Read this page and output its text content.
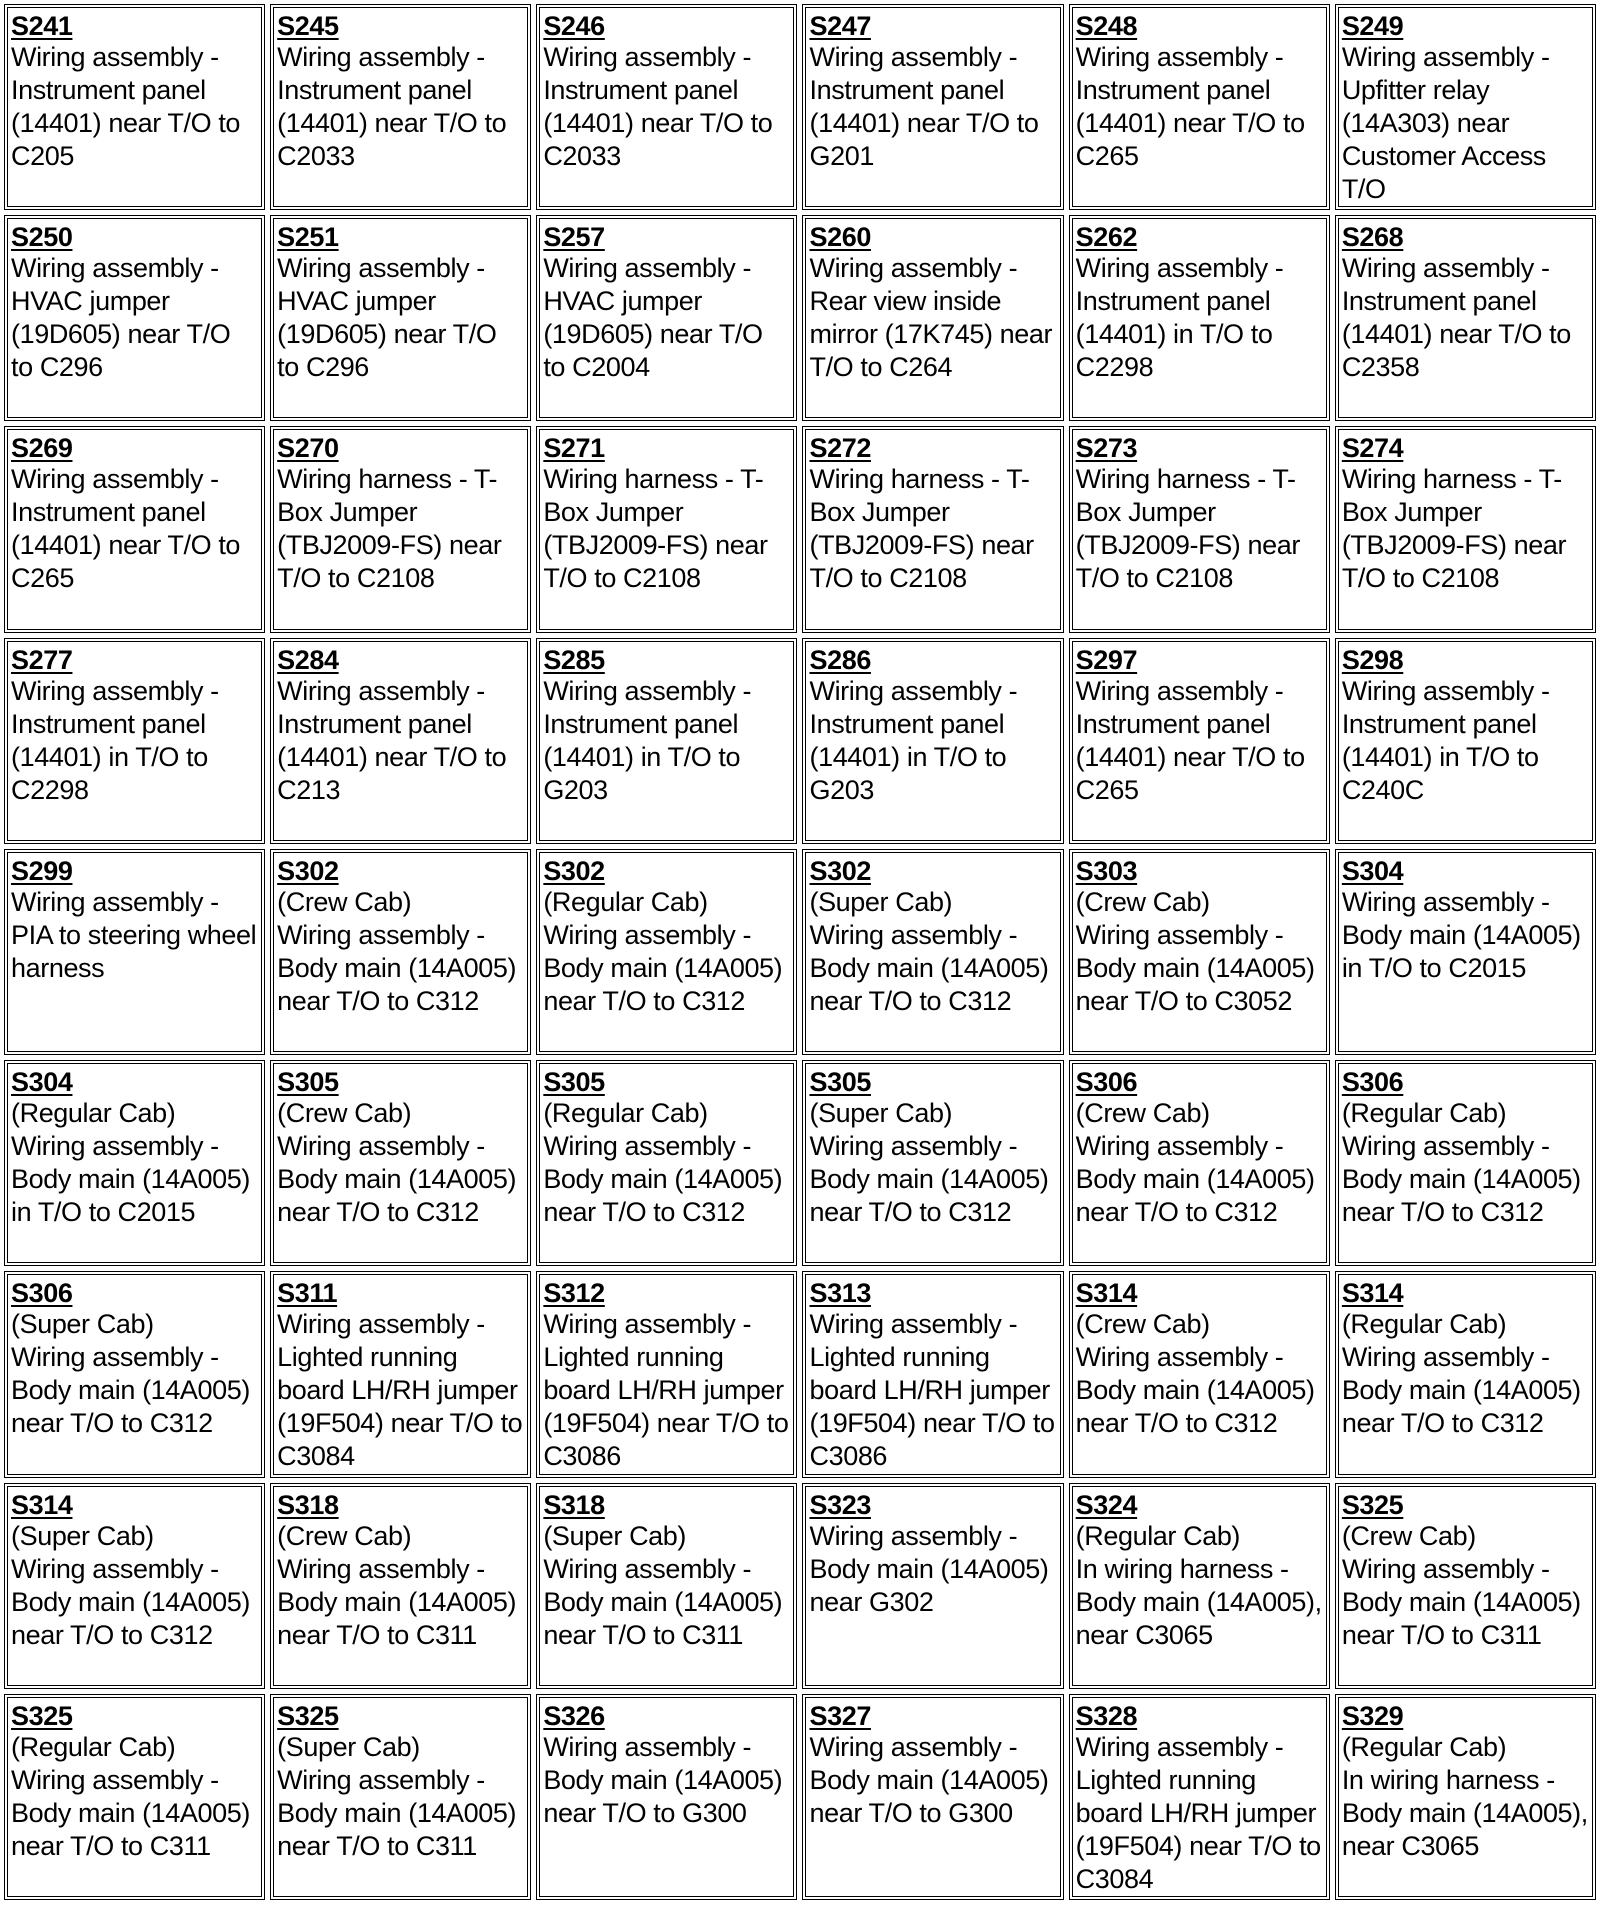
S241
Wiring assembly - Instrument panel (14401) near T/O to C205
S245
Wiring assembly - Instrument panel (14401) near T/O to C2033
S246
Wiring assembly - Instrument panel (14401) near T/O to C2033
S247
Wiring assembly - Instrument panel (14401) near T/O to G201
S248
Wiring assembly - Instrument panel (14401) near T/O to C265
S249
Wiring assembly - Upfitter relay (14A303) near Customer Access T/O
S250
Wiring assembly - HVAC jumper (19D605) near T/O to C296
S251
Wiring assembly - HVAC jumper (19D605) near T/O to C296
S257
Wiring assembly - HVAC jumper (19D605) near T/O to C2004
S260
Wiring assembly - Rear view inside mirror (17K745) near T/O to C264
S262
Wiring assembly - Instrument panel (14401) in T/O to C2298
S268
Wiring assembly - Instrument panel (14401) near T/O to C2358
S269
Wiring assembly - Instrument panel (14401) near T/O to C265
S270
Wiring harness - T-Box Jumper (TBJ2009-FS) near T/O to C2108
S271
Wiring harness - T-Box Jumper (TBJ2009-FS) near T/O to C2108
S272
Wiring harness - T-Box Jumper (TBJ2009-FS) near T/O to C2108
S273
Wiring harness - T-Box Jumper (TBJ2009-FS) near T/O to C2108
S274
Wiring harness - T-Box Jumper (TBJ2009-FS) near T/O to C2108
S277
Wiring assembly - Instrument panel (14401) in T/O to C2298
S284
Wiring assembly - Instrument panel (14401) near T/O to C213
S285
Wiring assembly - Instrument panel (14401) in T/O to G203
S286
Wiring assembly - Instrument panel (14401) in T/O to G203
S297
Wiring assembly - Instrument panel (14401) near T/O to C265
S298
Wiring assembly - Instrument panel (14401) in T/O to C240C
S299
Wiring assembly - PIA to steering wheel harness
S302
(Crew Cab)
Wiring assembly - Body main (14A005) near T/O to C312
S302
(Regular Cab)
Wiring assembly - Body main (14A005) near T/O to C312
S302
(Super Cab)
Wiring assembly - Body main (14A005) near T/O to C312
S303
(Crew Cab)
Wiring assembly - Body main (14A005) near T/O to C3052
S304
Wiring assembly - Body main (14A005) in T/O to C2015
S304
(Regular Cab)
Wiring assembly - Body main (14A005) in T/O to C2015
S305
(Crew Cab)
Wiring assembly - Body main (14A005) near T/O to C312
S305
(Regular Cab)
Wiring assembly - Body main (14A005) near T/O to C312
S305
(Super Cab)
Wiring assembly - Body main (14A005) near T/O to C312
S306
(Crew Cab)
Wiring assembly - Body main (14A005) near T/O to C312
S306
(Regular Cab)
Wiring assembly - Body main (14A005) near T/O to C312
S306
(Super Cab)
Wiring assembly - Body main (14A005) near T/O to C312
S311
Wiring assembly - Lighted running board LH/RH jumper (19F504) near T/O to C3084
S312
Wiring assembly - Lighted running board LH/RH jumper (19F504) near T/O to C3086
S313
Wiring assembly - Lighted running board LH/RH jumper (19F504) near T/O to C3086
S314
(Crew Cab)
Wiring assembly - Body main (14A005) near T/O to C312
S314
(Regular Cab)
Wiring assembly - Body main (14A005) near T/O to C312
S314
(Super Cab)
Wiring assembly - Body main (14A005) near T/O to C312
S318
(Crew Cab)
Wiring assembly - Body main (14A005) near T/O to C311
S318
(Super Cab)
Wiring assembly - Body main (14A005) near T/O to C311
S323
Wiring assembly - Body main (14A005) near G302
S324
(Regular Cab)
In wiring harness - Body main (14A005), near C3065
S325
(Crew Cab)
Wiring assembly - Body main (14A005) near T/O to C311
S325
(Regular Cab)
Wiring assembly - Body main (14A005) near T/O to C311
S325
(Super Cab)
Wiring assembly - Body main (14A005) near T/O to C311
S326
Wiring assembly - Body main (14A005) near T/O to G300
S327
Wiring assembly - Body main (14A005) near T/O to G300
S328
Wiring assembly - Lighted running board LH/RH jumper (19F504) near T/O to C3084
S329
(Regular Cab)
In wiring harness - Body main (14A005), near C3065
